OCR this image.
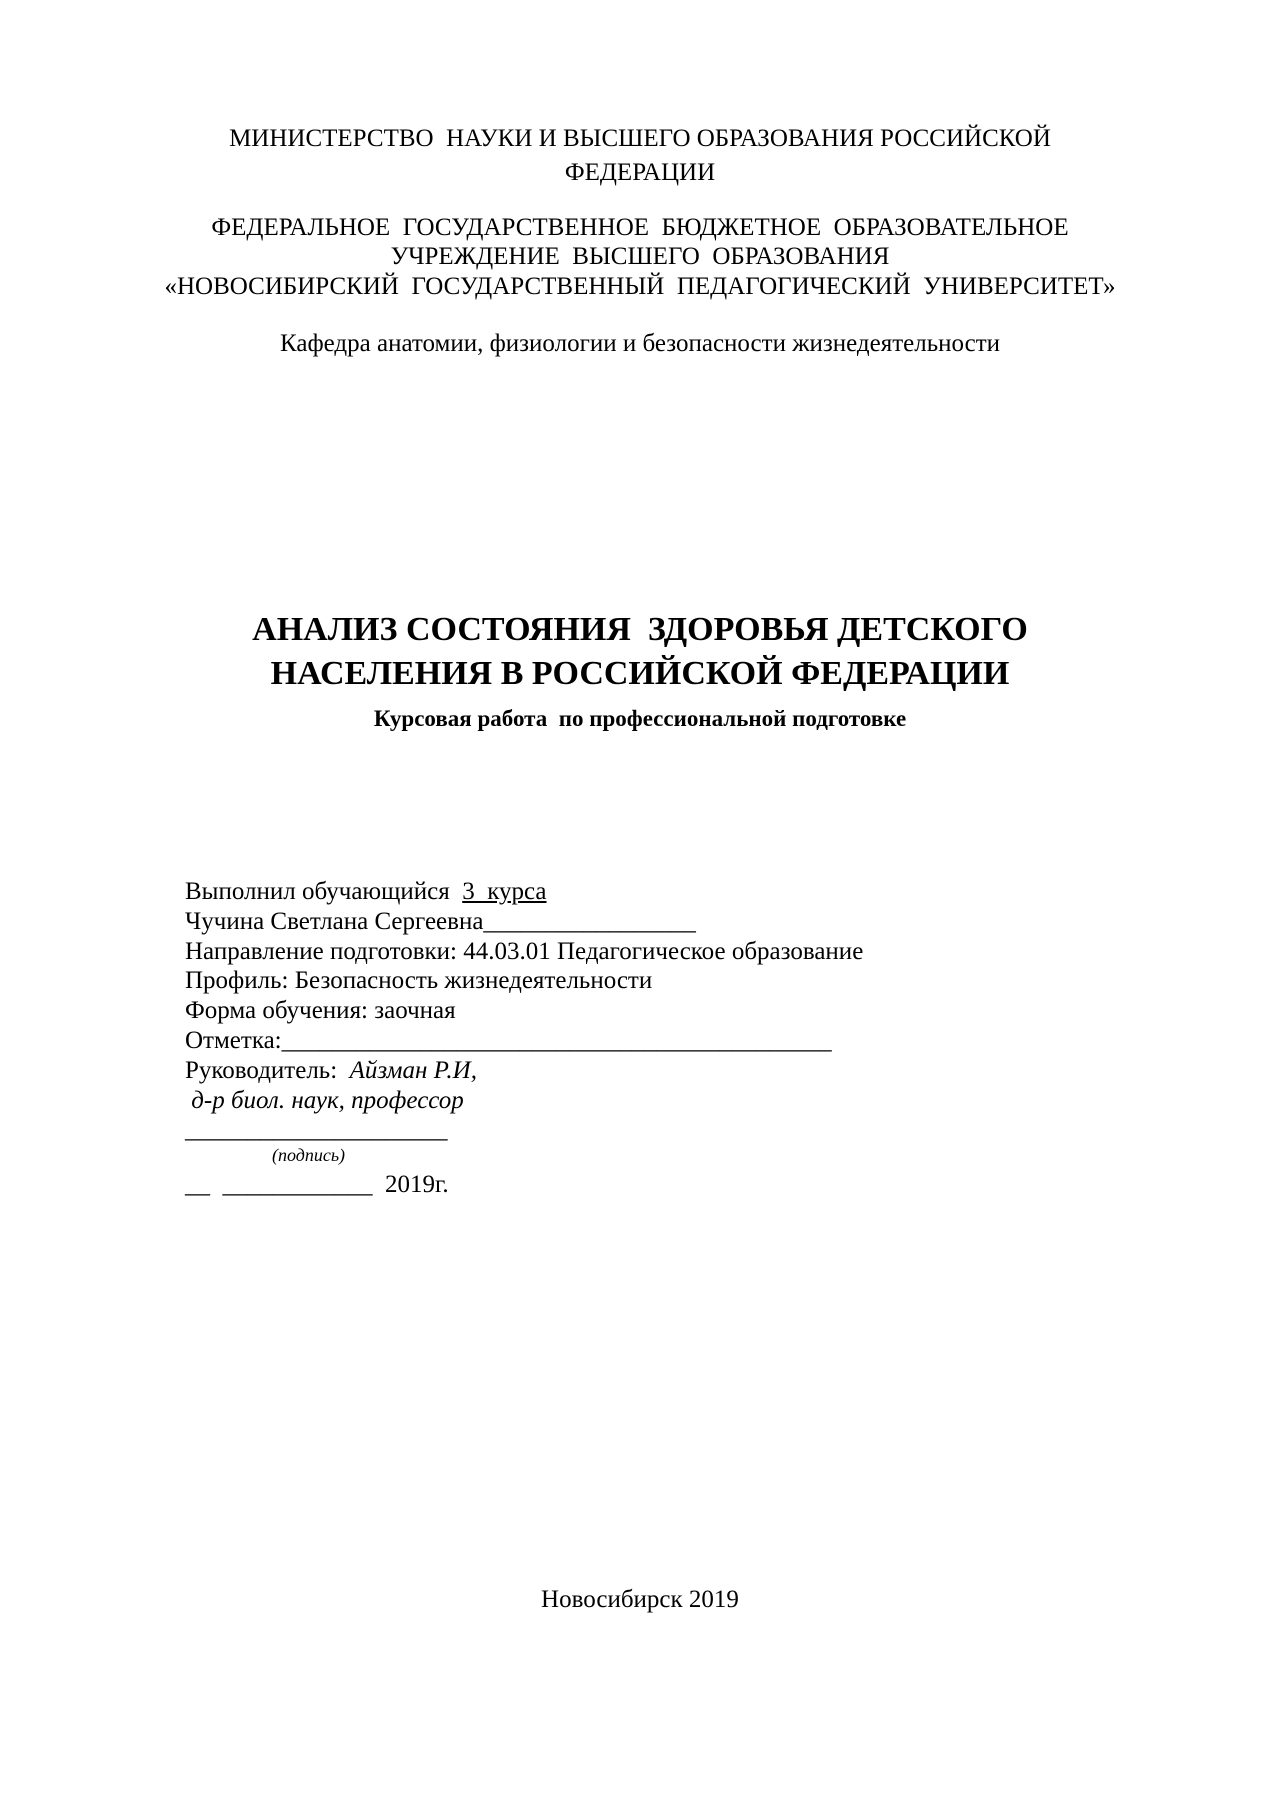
МИНИСТЕРСТВО  НАУКИ И ВЫСШЕГО ОБРАЗОВАНИЯ РОССИЙСКОЙ
ФЕДЕРАЦИИ
ФЕДЕРАЛЬНОЕ  ГОСУДАРСТВЕННОЕ  БЮДЖЕТНОЕ  ОБРАЗОВАТЕЛЬНОЕ
УЧРЕЖДЕНИЕ  ВЫСШЕГО  ОБРАЗОВАНИЯ
«НОВОСИБИРСКИЙ  ГОСУДАРСТВЕННЫЙ  ПЕДАГОГИЧЕСКИЙ  УНИВЕРСИТЕТ»
Кафедра анатомии, физиологии и безопасности жизнедеятельности
АНАЛИЗ СОСТОЯНИЯ  ЗДОРОВЬЯ ДЕТСКОГО
НАСЕЛЕНИЯ В РОССИЙСКОЙ ФЕДЕРАЦИИ
Курсовая работа  по профессиональной подготовке
Выполнил обучающийся  3  курса
Чучина Светлана Сергеевна_________________
Направление подготовки: 44.03.01 Педагогическое образование
Профиль: Безопасность жизнедеятельности
Форма обучения: заочная
Отметка:____________________________________________
Руководитель:  Айзман Р.И,
д-р биол. наук, профессор
_____________________
(подпись)
__  ____________  2019г.
Новосибирск 2019
